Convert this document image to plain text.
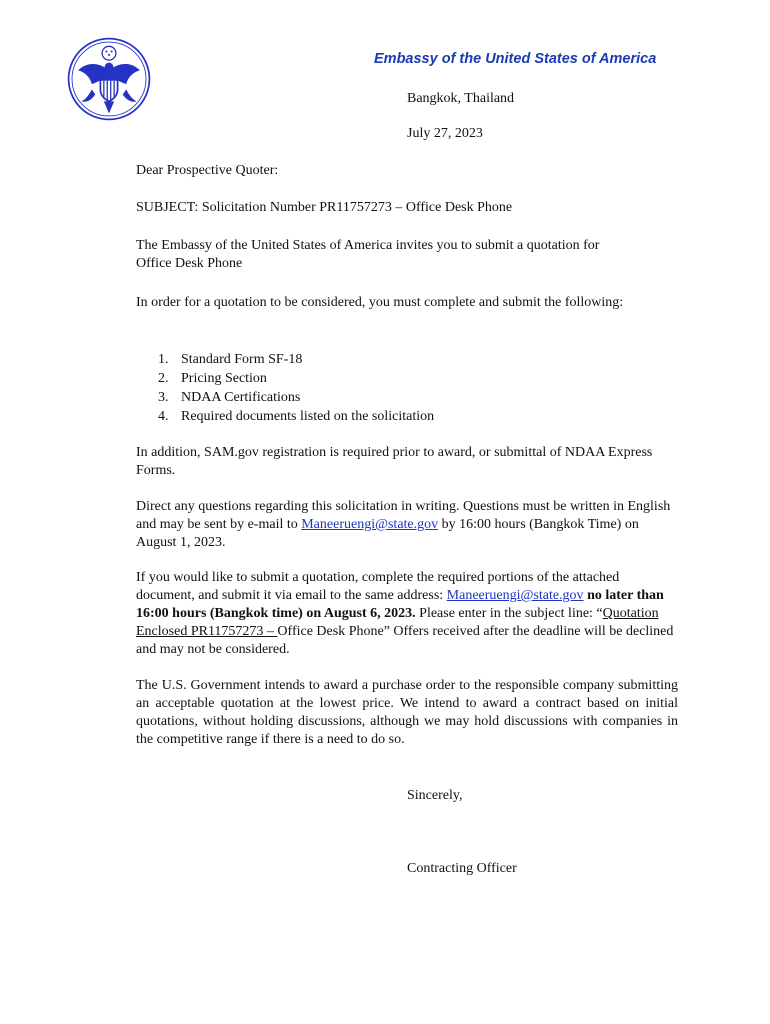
Embassy of the United States of America
Bangkok, Thailand
July 27, 2023

Dear Prospective Quoter:

SUBJECT: Solicitation Number PR11757273 – Office Desk Phone

The Embassy of the United States of America invites you to submit a quotation for
Office Desk Phone

In order for a quotation to be considered, you must complete and submit the following:

1. Standard Form SF-18
2. Pricing Section
3. NDAA Certifications
4. Required documents listed on the solicitation

In addition, SAM.gov registration is required prior to award, or submittal of NDAA Express Forms.

Direct any questions regarding this solicitation in writing. Questions must be written in English and may be sent by e-mail to Maneeruengi@state.gov by 16:00 hours (Bangkok Time) on August 1, 2023.

If you would like to submit a quotation, complete the required portions of the attached document, and submit it via email to the same address: Maneeruengi@state.gov no later than 16:00 hours (Bangkok time) on August 6, 2023. Please enter in the subject line: “Quotation Enclosed PR11757273 – Office Desk Phone” Offers received after the deadline will be declined and may not be considered.

The U.S. Government intends to award a purchase order to the responsible company submitting an acceptable quotation at the lowest price. We intend to award a contract based on initial quotations, without holding discussions, although we may hold discussions with companies in the competitive range if there is a need to do so.

Sincerely,
Contracting Officer
